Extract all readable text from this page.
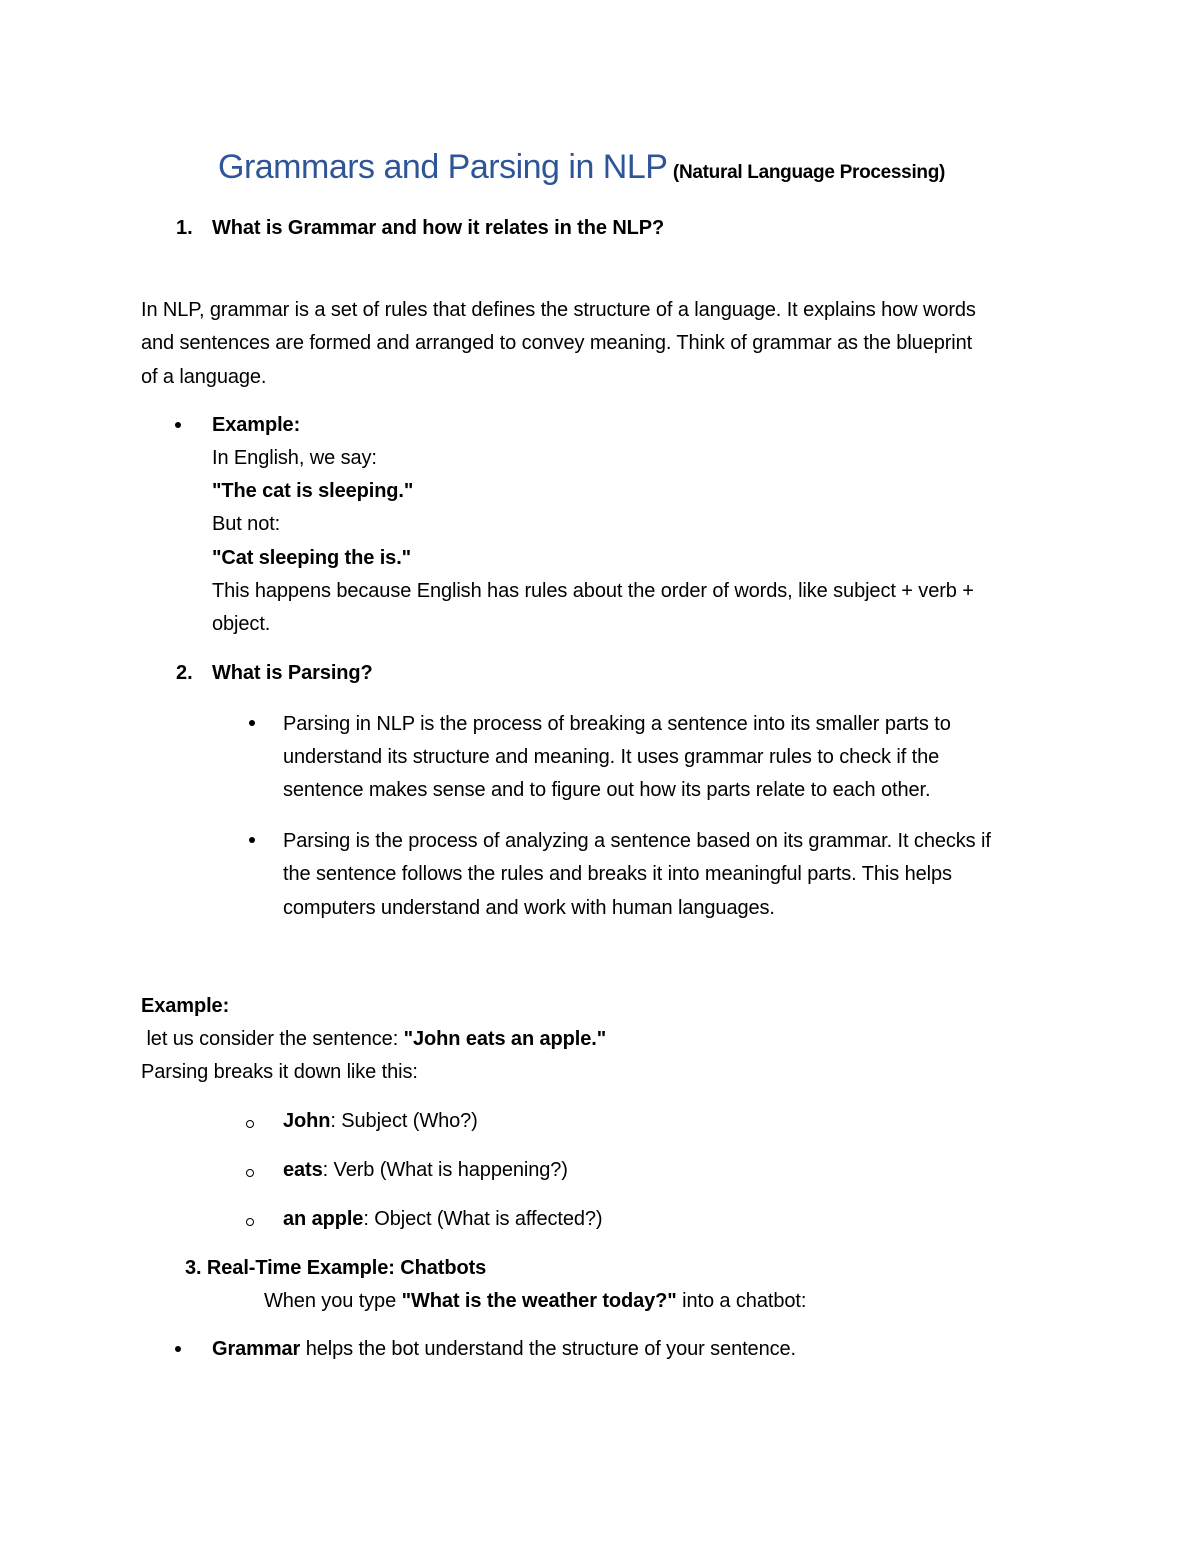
Grammars and Parsing in NLP (Natural Language Processing)
1. What is Grammar and how it relates in the NLP?
In NLP, grammar is a set of rules that defines the structure of a language. It explains how words
and sentences are formed and arranged to convey meaning. Think of grammar as the blueprint
of a language.
Example:
In English, we say:
"The cat is sleeping."
But not:
"Cat sleeping the is."
This happens because English has rules about the order of words, like subject + verb +
object.
2. What is Parsing?
Parsing in NLP is the process of breaking a sentence into its smaller parts to
understand its structure and meaning. It uses grammar rules to check if the
sentence makes sense and to figure out how its parts relate to each other.
Parsing is the process of analyzing a sentence based on its grammar. It checks if
the sentence follows the rules and breaks it into meaningful parts. This helps
computers understand and work with human languages.
Example:
let us consider the sentence: "John eats an apple."
Parsing breaks it down like this:
John: Subject (Who?)
eats: Verb (What is happening?)
an apple: Object (What is affected?)
3. Real-Time Example: Chatbots
When you type "What is the weather today?" into a chatbot:
Grammar helps the bot understand the structure of your sentence.
